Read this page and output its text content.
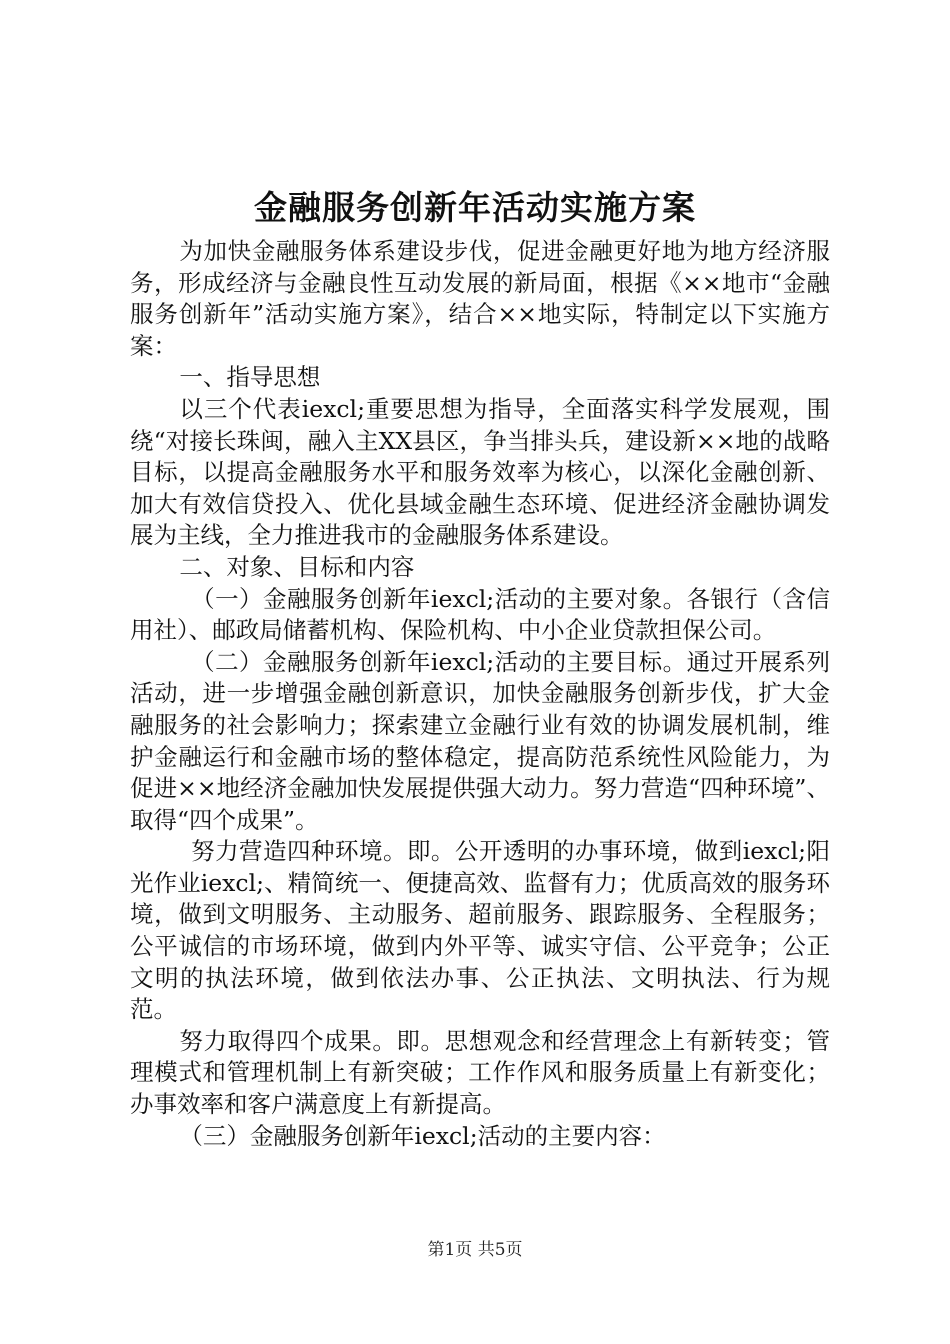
金融服务创新年活动实施方案

为加快金融服务体系建设步伐，促进金融更好地为地方经济服务，形成经济与金融良性互动发展的新局面，根据《××地市“金融服务创新年”活动实施方案》，结合××地实际，特制定以下实施方案：

一、指导思想

以三个代表iexcl;重要思想为指导，全面落实科学发展观，围绕“对接长珠闽，融入主XX县区，争当排头兵，建设新××地的战略目标，以提高金融服务水平和服务效率为核心，以深化金融创新、加大有效信贷投入、优化县域金融生态环境、促进经济金融协调发展为主线，全力推进我市的金融服务体系建设。

二、对象、目标和内容

（一）金融服务创新年iexcl;活动的主要对象。各银行（含信用社）、邮政局储蓄机构、保险机构、中小企业贷款担保公司。

（二）金融服务创新年iexcl;活动的主要目标。通过开展系列活动，进一步增强金融创新意识，加快金融服务创新步伐，扩大金融服务的社会影响力；探索建立金融行业有效的协调发展机制，维护金融运行和金融市场的整体稳定，提高防范系统性风险能力，为促进××地经济金融加快发展提供强大动力。努力营造“四种环境”、取得“四个成果”。

努力营造四种环境。即。公开透明的办事环境，做到iexcl;阳光作业iexcl;、精简统一、便捷高效、监督有力；优质高效的服务环境，做到文明服务、主动服务、超前服务、跟踪服务、全程服务；公平诚信的市场环境，做到内外平等、诚实守信、公平竞争；公正文明的执法环境，做到依法办事、公正执法、文明执法、行为规范。

努力取得四个成果。即。思想观念和经营理念上有新转变；管理模式和管理机制上有新突破；工作作风和服务质量上有新变化；办事效率和客户满意度上有新提高。

（三）金融服务创新年iexcl;活动的主要内容：

第1页 共5页
